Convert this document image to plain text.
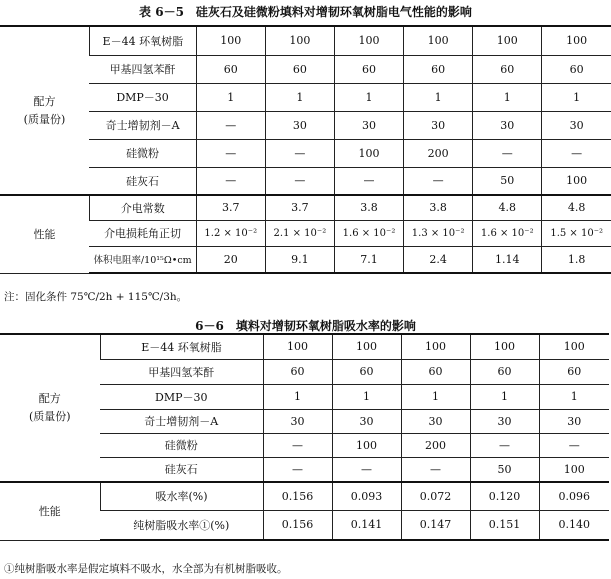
表 6－5　硅灰石及硅微粉填料对增韧环氧树脂电气性能的影响
配方
(质量份)	E－44 环氧树脂	100	100	100	100	100	100
	甲基四氢苯酐	60	60	60	60	60	60
	DMP－30	1	1	1	1	1	1
	奇士增韧剂－A	—	30	30	30	30	30
	硅微粉	—	—	100	200	—	—
	硅灰石	—	—	—	—	50	100
性能	介电常数	3.7	3.7	3.8	3.8	4.8	4.8
	介电损耗角正切	1.2 × 10⁻²	2.1 × 10⁻²	1.6 × 10⁻²	1.3 × 10⁻²	1.6 × 10⁻²	1.5 × 10⁻²
	体积电阻率/10¹⁵Ω•cm	20	9.1	7.1	2.4	1.14	1.8
注：固化条件 75℃/2h + 115℃/3h。
6－6　填料对增韧环氧树脂吸水率的影响
配方
(质量份)	E－44 环氧树脂	100	100	100	100	100
	甲基四氢苯酐	60	60	60	60	60
	DMP－30	1	1	1	1	1
	奇士增韧剂－A	30	30	30	30	30
	硅微粉	—	100	200	—	—
	硅灰石	—	—	—	50	100
性能	吸水率(%)	0.156	0.093	0.072	0.120	0.096
	纯树脂吸水率①(%)	0.156	0.141	0.147	0.151	0.140
①纯树脂吸水率是假定填料不吸水，水全部为有机树脂吸收。
